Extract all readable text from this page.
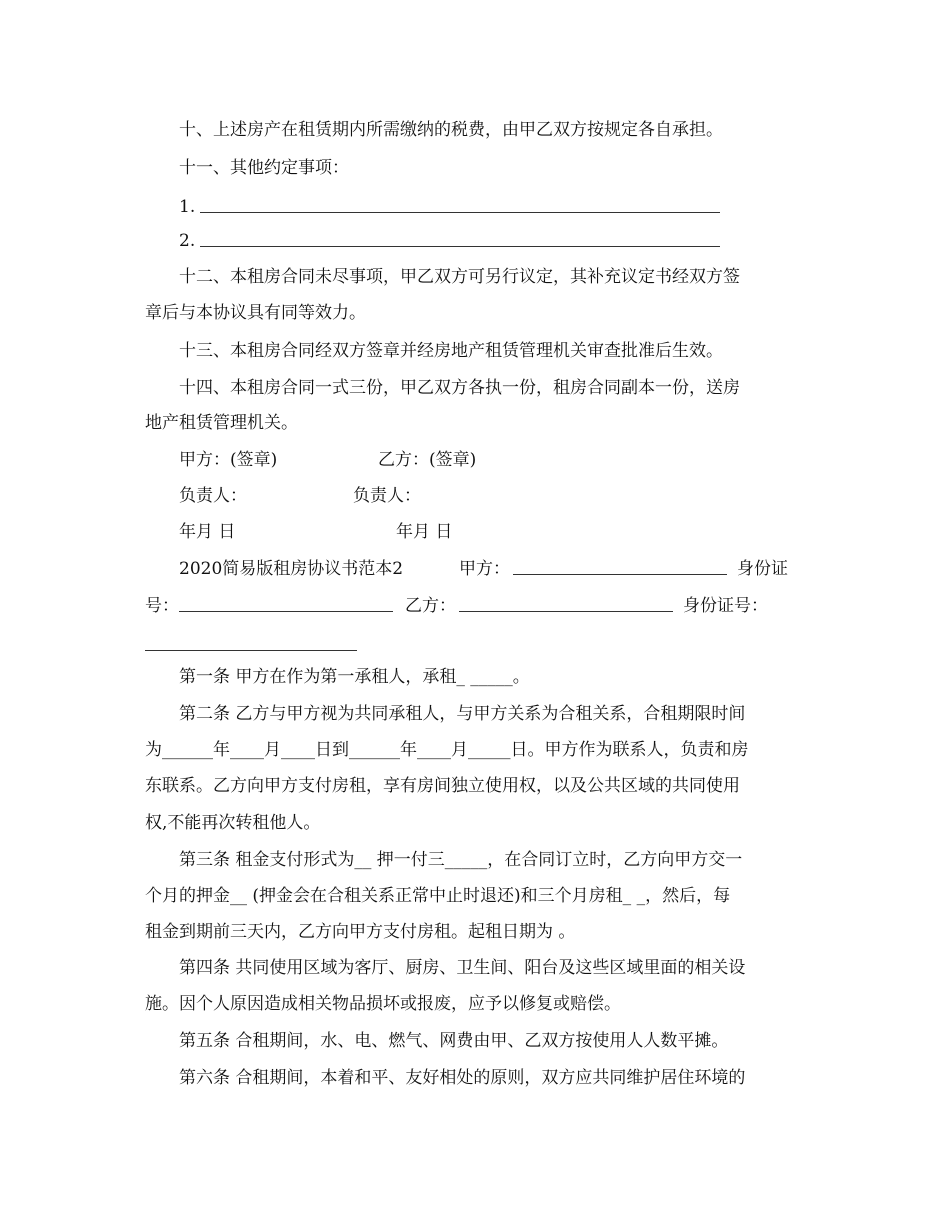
十、上述房产在租赁期内所需缴纳的税费，由甲乙双方按规定各自承担。
十一、其他约定事项：
1.
2.
十二、本租房合同未尽事项，甲乙双方可另行议定，其补充议定书经双方签
章后与本协议具有同等效力。
十三、本租房合同经双方签章并经房地产租赁管理机关审查批准后生效。
十四、本租房合同一式三份，甲乙双方各执一份，租房合同副本一份，送房
地产租赁管理机关。
甲方：(签章)	乙方：(签章)
负责人：	负责人：
年月 日	年月 日
2020简易版租房协议书范本2	甲方：	身份证
号：	乙方：	身份证号：
第一条 甲方在作为第一承租人，承租_ _____。
第二条 乙方与甲方视为共同承租人，与甲方关系为合租关系，合租期限时间
为______年____月____日到______年____月_____日。甲方作为联系人，负责和房
东联系。乙方向甲方支付房租，享有房间独立使用权，以及公共区域的共同使用
权,不能再次转租他人。
第三条 租金支付形式为__ 押一付三_____，在合同订立时，乙方向甲方交一
个月的押金__ (押金会在合租关系正常中止时退还)和三个月房租_ _，然后，每
租金到期前三天内，乙方向甲方支付房租。起租日期为 。
第四条 共同使用区域为客厅、厨房、卫生间、阳台及这些区域里面的相关设
施。因个人原因造成相关物品损坏或报废，应予以修复或赔偿。
第五条 合租期间，水、电、燃气、网费由甲、乙双方按使用人人数平摊。
第六条 合租期间，本着和平、友好相处的原则，双方应共同维护居住环境的
